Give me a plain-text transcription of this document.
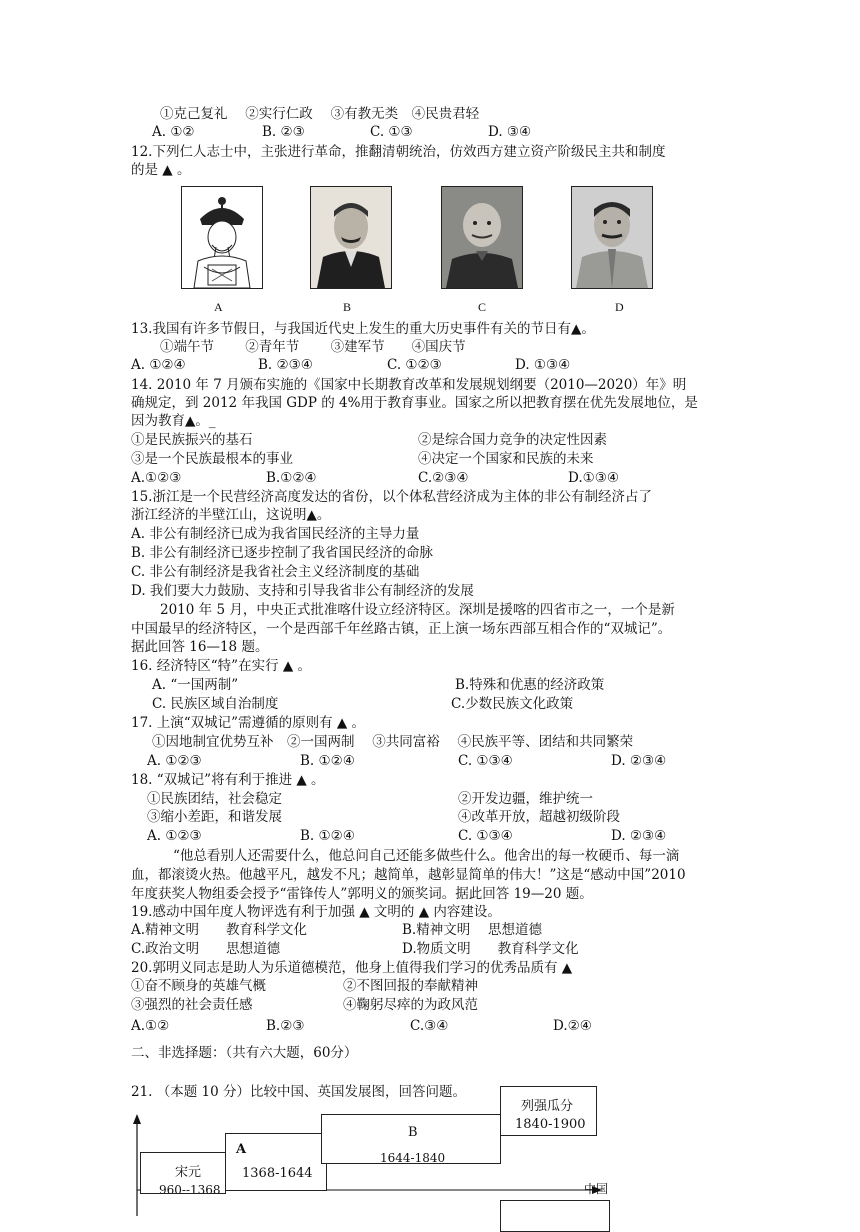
①克己复礼　 ②实行仁政　 ③有教无类　④民贵君轻
A. ①②	B. ②③	C. ①③	D. ③④
12.下列仁人志士中，主张进行革命，推翻清朝统治，仿效西方建立资产阶级民主共和制度
的是 ▲ 。
A	B	C	D
13.我国有许多节假日，与我国近代史上发生的重大历史事件有关的节日有▲。
①端午节　　 ②青年节　　 ③建军节　　④国庆节
A. ①②④	B. ②③④	C. ①②③	D. ①③④
14. 2010 年 7 月颁布实施的《国家中长期教育改革和发展规划纲要（2010—2020）年》明
确规定，到 2012 年我国 GDP 的 4%用于教育事业。国家之所以把教育摆在优先发展地位，是
因为教育▲。_
①是民族振兴的基石	②是综合国力竞争的决定性因素
③是一个民族最根本的事业	④决定一个国家和民族的未来
A.①②③	B.①②④	C.②③④	D.①③④
15.浙江是一个民营经济高度发达的省份，以个体私营经济成为主体的非公有制经济占了
浙江经济的半壁江山，这说明▲。
A. 非公有制经济已成为我省国民经济的主导力量
B. 非公有制经济已逐步控制了我省国民经济的命脉
C. 非公有制经济是我省社会主义经济制度的基础
D. 我们要大力鼓励、支持和引导我省非公有制经济的发展
2010 年 5 月，中央正式批准喀什设立经济特区。深圳是援喀的四省市之一，一个是新
中国最早的经济特区，一个是西部千年丝路古镇，正上演一场东西部互相合作的“双城记”。
据此回答 16—18 题。
16. 经济特区“特”在实行 ▲ 。
A. “一国两制”	B.特殊和优惠的经济政策
C. 民族区域自治制度	C.少数民族文化政策
17. 上演“双城记”需遵循的原则有 ▲ 。
①因地制宜优势互补　②一国两制　 ③共同富裕　 ④民族平等、团结和共同繁荣
A. ①②③	B. ①②④	C. ①③④	D. ②③④
18. “双城记”将有利于推进 ▲ 。
①民族团结，社会稳定	②开发边疆，维护统一
③缩小差距，和谐发展	④改革开放，超越初级阶段
A. ①②③	B. ①②④	C. ①③④	D. ②③④
“他总看别人还需要什么，他总问自己还能多做些什么。他舍出的每一枚硬币、每一滴
血，都滚烫火热。他越平凡，越发不凡；越简单，越彰显简单的伟大！”这是“感动中国”2010
年度获奖人物组委会授予“雷锋传人”郭明义的颁奖词。据此回答 19—20 题。
19.感动中国年度人物评选有利于加强 ▲ 文明的 ▲ 内容建设。
A.精神文明　　教育科学文化	B.精神文明　 思想道德
C.政治文明　　思想道德	D.物质文明　　教育科学文化
20.郭明义同志是助人为乐道德模范，他身上值得我们学习的优秀品质有 ▲
①奋不顾身的英雄气概	②不图回报的奉献精神
③强烈的社会责任感	④鞠躬尽瘁的为政风范
A.①②	B.②③	C.③④	D.②④
二、非选择题：（共有六大题，60分）
21. （本题 10 分）比较中国、英国发展图，回答问题。
宋元
960--1368
A
1368-1644
B
1644-1840
列强瓜分
1840-1900
中国
